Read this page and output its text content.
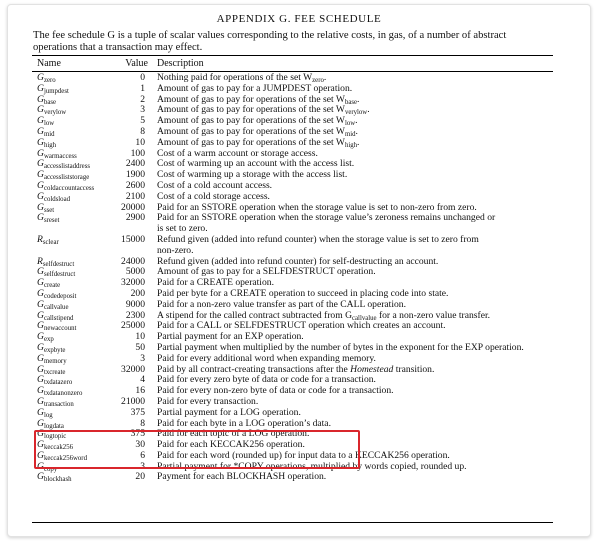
APPENDIX G. FEE SCHEDULE
The fee schedule G is a tuple of scalar values corresponding to the relative costs, in gas, of a number of abstract operations that a transaction may effect.
Name	Value	Description
$G_{zero}$	0	Nothing paid for operations of the set $W_{zero}$.
$G_{jumpdest}$	1	Amount of gas to pay for a JUMPDEST operation.
$G_{base}$	2	Amount of gas to pay for operations of the set $W_{base}$.
$G_{verylow}$	3	Amount of gas to pay for operations of the set $W_{verylow}$.
$G_{low}$	5	Amount of gas to pay for operations of the set $W_{low}$.
$G_{mid}$	8	Amount of gas to pay for operations of the set $W_{mid}$.
$G_{high}$	10	Amount of gas to pay for operations of the set $W_{high}$.
$G_{warmaccess}$	100	Cost of a warm account or storage access.
$G_{accesslistaddress}$	2400	Cost of warming up an account with the access list.
$G_{accessliststorage}$	1900	Cost of warming up a storage with the access list.
$G_{coldaccountaccess}$	2600	Cost of a cold account access.
$G_{coldsload}$	2100	Cost of a cold storage access.
$G_{sset}$	20000	Paid for an SSTORE operation when the storage value is set to non-zero from zero.
$G_{sreset}$	2900	Paid for an SSTORE operation when the storage value’s zeroness remains unchanged or
is set to zero.

$R_{sclear}$	15000	Refund given (added into refund counter) when the storage value is set to zero from
non-zero.

$R_{selfdestruct}$	24000	Refund given (added into refund counter) for self-destructing an account.
$G_{selfdestruct}$	5000	Amount of gas to pay for a SELFDESTRUCT operation.
$G_{create}$	32000	Paid for a CREATE operation.
$G_{codedeposit}$	200	Paid per byte for a CREATE operation to succeed in placing code into state.
$G_{callvalue}$	9000	Paid for a non-zero value transfer as part of the CALL operation.
$G_{callstipend}$	2300	A stipend for the called contract subtracted from $G_{callvalue}$ for a non-zero value transfer.
$G_{newaccount}$	25000	Paid for a CALL or SELFDESTRUCT operation which creates an account.
$G_{exp}$	10	Partial payment for an EXP operation.
$G_{expbyte}$	50	Partial payment when multiplied by the number of bytes in the exponent for the EXP operation.
$G_{memory}$	3	Paid for every additional word when expanding memory.
$G_{txcreate}$	32000	Paid by all contract-creating transactions after the Homestead transition.
$G_{txdatazero}$	4	Paid for every zero byte of data or code for a transaction.
$G_{txdatanonzero}$	16	Paid for every non-zero byte of data or code for a transaction.
$G_{transaction}$	21000	Paid for every transaction.
$G_{log}$	375	Partial payment for a LOG operation.
$G_{logdata}$	8	Paid for each byte in a LOG operation’s data.
$G_{logtopic}$	375	Paid for each topic of a LOG operation.
$G_{keccak256}$	30	Paid for each KECCAK256 operation.
$G_{keccak256word}$	6	Paid for each word (rounded up) for input data to a KECCAK256 operation.
$G_{copy}$	3	Partial payment for *COPY operations, multiplied by words copied, rounded up.
$G_{blockhash}$	20	Payment for each BLOCKHASH operation.
